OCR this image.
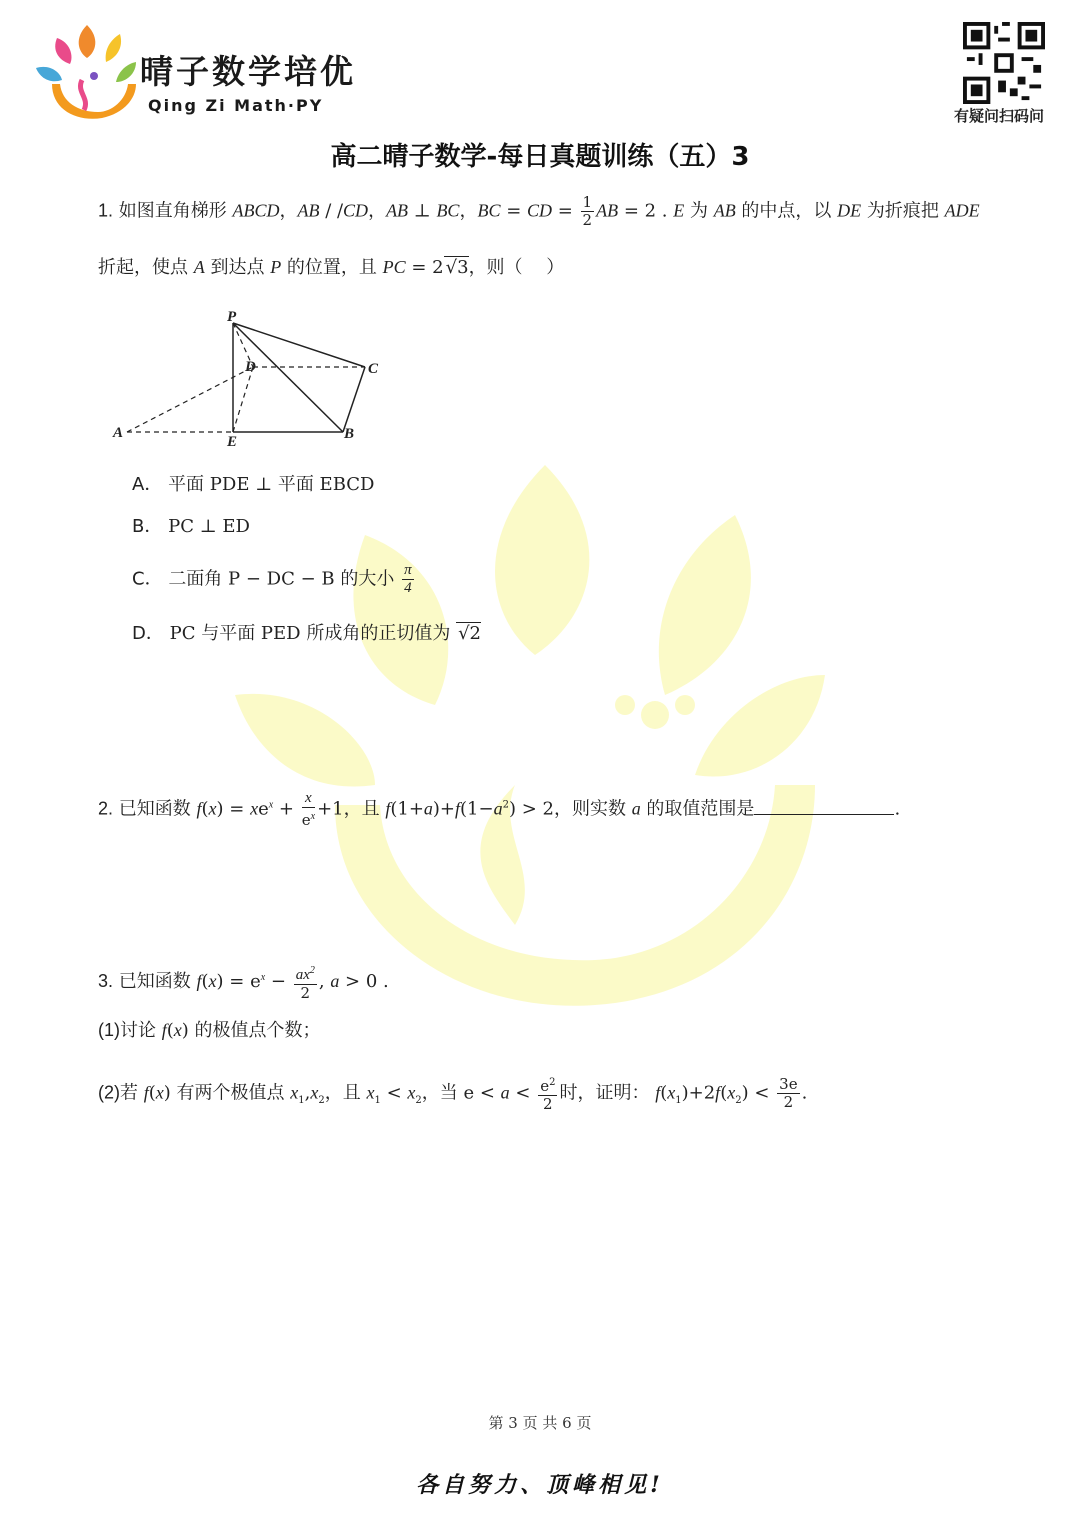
晴子数学培优
Qing Zi Math·PY
有疑问扫码问
高二晴子数学-每日真题训练（五）3
1. 如图直角梯形 ABCD，AB / /CD，AB ⊥ BC，BC = CD = $\frac{1}{2}$ AB = 2 . E 为 AB 的中点，以 DE 为折痕把 ADE
折起，使点 A 到达点 P 的位置，且 PC = 2 √3，则（　 ）
P
D	C
A
E	B
A． 平面 PDE ⊥ 平面 EBCD
B． PC ⊥ ED
C． 二面角 P − DC − B 的大小 $\frac{\pi}{4}$
D． PC 与平面 PED 所成角的正切值为 √2
2. 已知函数 $f(x) = xe^x + \frac{x}{e^x} +1$，且 $f(1+a)+f(1-a^2) > 2$，则实数 a 的取值范围是	.
3. 已知函数 $f(x) = e^x - \frac{ax^2}{2}$ , a > 0 .
(1)讨论 f(x) 的极值点个数；
(2)若 f(x) 有两个极值点 $x_1,x_2$，且 $x_1 < x_2$，当 $e < a < \frac{e^2}{2}$ 时，证明： $f(x_1)+2f(x_2) < \frac{3e}{2}$ .
第 3 页 共 6 页
各自努力、顶峰相见!
